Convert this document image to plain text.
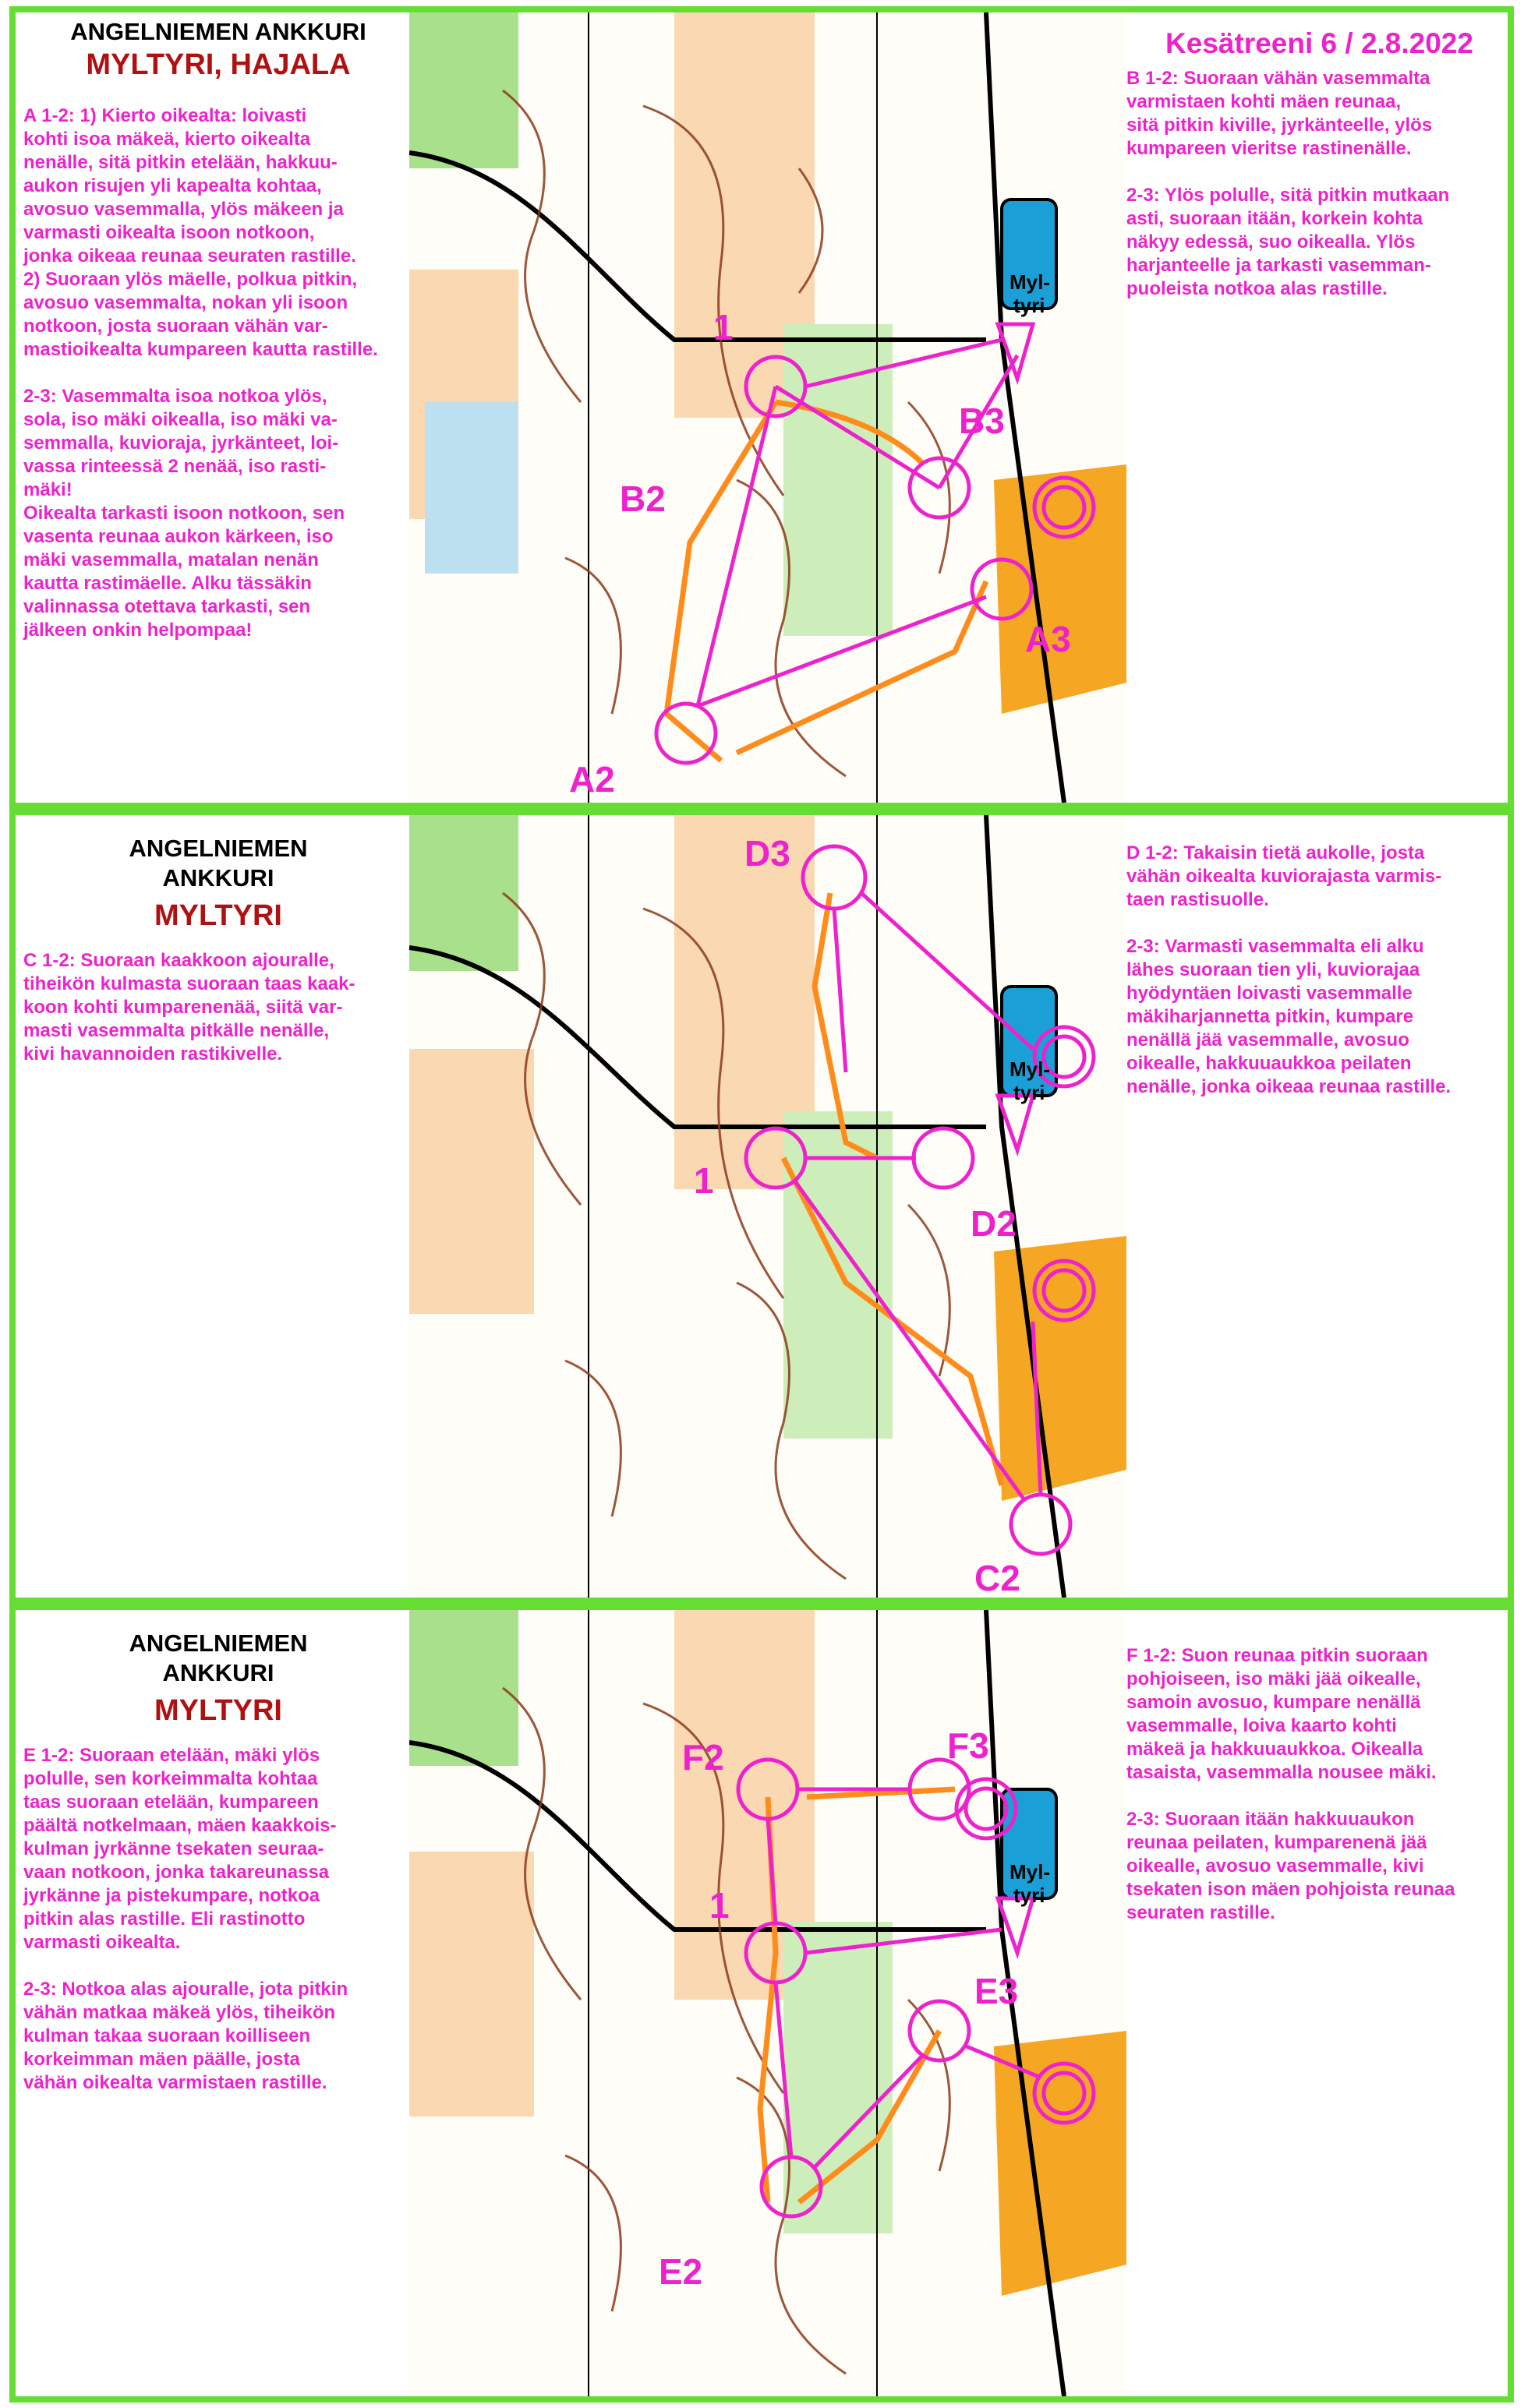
ANGELNIEMEN ANKKURI
MYLTYRI, HAJALA
A 1-2: 1) Kierto oikealta: loivasti
kohti isoa mäkeä, kierto oikealta
nenälle, sitä pitkin etelään, hakkuu-
aukon risujen yli kapealta kohtaa,
avosuo vasemmalla, ylös mäkeen ja
varmasti oikealta isoon notkoon,
jonka oikeaa reunaa seuraten rastille.
2) Suoraan ylös mäelle, polkua pitkin,
avosuo vasemmalta, nokan yli isoon
notkoon, josta suoraan vähän var-
mastioikealta kumpareen kautta rastille.

2-3: Vasemmalta isoa notkoa ylös,
sola, iso mäki oikealla, iso mäki va-
semmalla, kuvioraja, jyrkänteet, loi-
vassa rinteessä 2 nenää, iso rasti-
mäki!
Oikealta tarkasti isoon notkoon, sen
vasenta reunaa aukon kärkeen, iso
mäki vasemmalla, matalan nenän
kautta rastimäelle. Alku tässäkin
valinnassa otettava tarkasti, sen
jälkeen onkin helpompaa!
1
B2
B3
A2
A3
Myl-
tyri
Kesätreeni 6 / 2.8.2022
B 1-2: Suoraan vähän vasemmalta
varmistaen kohti mäen reunaa,
sitä pitkin kiville, jyrkänteelle, ylös
kumpareen vieritse rastinenälle.

2-3: Ylös polulle, sitä pitkin mutkaan
asti, suoraan itään, korkein kohta
näkyy edessä, suo oikealla. Ylös
harjanteelle ja tarkasti vasemman-
puoleista notkoa alas rastille.
ANGELNIEMEN
ANKKURI
MYLTYRI
C 1-2: Suoraan kaakkoon ajouralle,
tiheikön kulmasta suoraan taas kaak-
koon kohti kumparenenää, siitä var-
masti vasemmalta pitkälle nenälle,
kivi havannoiden rastikivelle.
D3
1
D2
C2
Myl-
tyri
D 1-2: Takaisin tietä aukolle, josta
vähän oikealta kuviorajasta varmis-
taen rastisuolle.

2-3: Varmasti vasemmalta eli alku
lähes suoraan tien yli, kuviorajaa
hyödyntäen loivasti vasemmalle
mäkiharjannetta pitkin, kumpare
nenällä jää vasemmalle, avosuo
oikealle, hakkuuaukkoa peilaten
nenälle, jonka oikeaa reunaa rastille.
ANGELNIEMEN
ANKKURI
MYLTYRI
E 1-2: Suoraan etelään, mäki ylös
polulle, sen korkeimmalta kohtaa
taas suoraan etelään, kumpareen
päältä notkelmaan, mäen kaakkois-
kulman jyrkänne tsekaten seuraa-
vaan notkoon, jonka takareunassa
jyrkänne ja pistekumpare, notkoa
pitkin alas rastille. Eli rastinotto
varmasti oikealta.

2-3: Notkoa alas ajouralle, jota pitkin
vähän matkaa mäkeä ylös, tiheikön
kulman takaa suoraan koilliseen
korkeimman mäen päälle, josta
vähän oikealta varmistaen rastille.
F2	F3
1
E3
E2
Myl-
tyri
F 1-2: Suon reunaa pitkin suoraan
pohjoiseen, iso mäki jää oikealle,
samoin avosuo, kumpare nenällä
vasemmalle, loiva kaarto kohti
mäkeä ja hakkuuaukkoa. Oikealla
tasaista, vasemmalla nousee mäki.

2-3: Suoraan itään hakkuuaukon
reunaa peilaten, kumparenenä jää
oikealle, avosuo vasemmalle, kivi
tsekaten ison mäen pohjoista reunaa
seuraten rastille.
